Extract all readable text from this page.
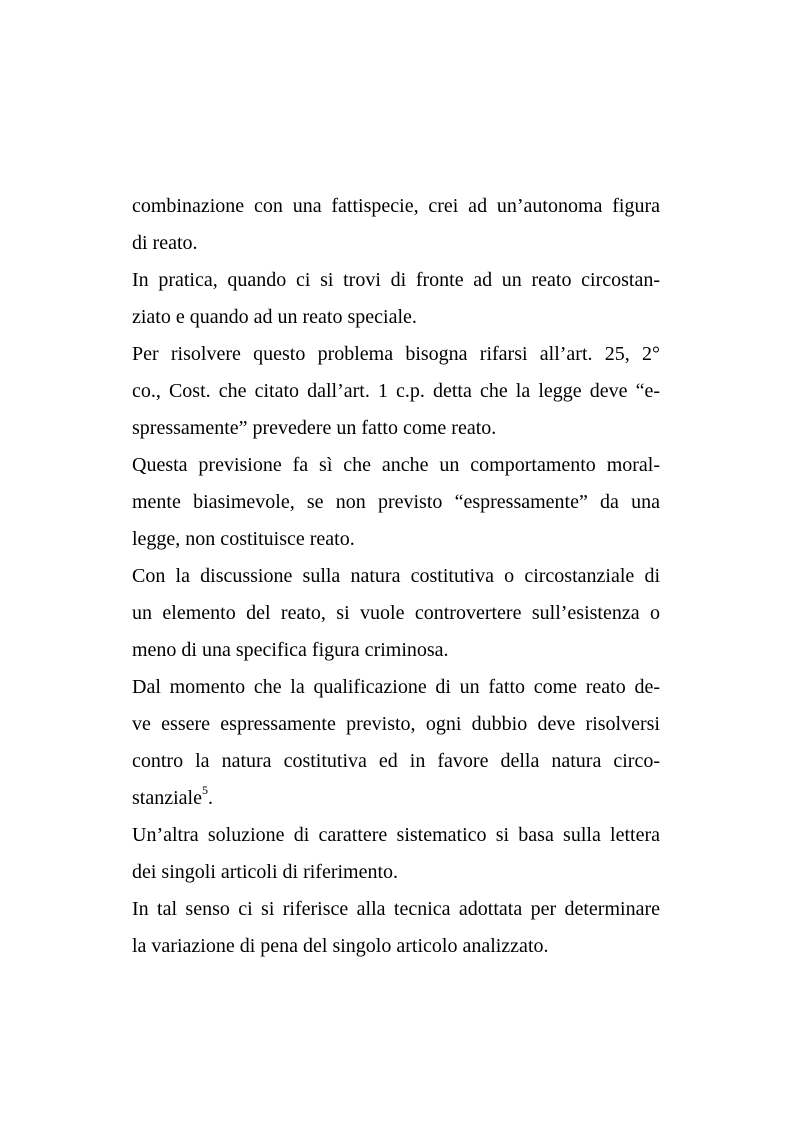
combinazione con una fattispecie, crei ad un’autonoma figura
di reato.
In pratica, quando ci si trovi di fronte ad un reato circostan-
ziato e quando ad un reato speciale.
Per risolvere questo problema bisogna rifarsi all’art. 25, 2°
co., Cost. che citato dall’art. 1 c.p. detta che la legge deve “e-
spressamente” prevedere un fatto come reato.
Questa previsione fa sì che anche un comportamento moral-
mente biasimevole, se non previsto “espressamente” da una
legge, non costituisce reato.
Con la discussione sulla natura costitutiva o circostanziale di
un elemento del reato, si vuole controvertere sull’esistenza o
meno di una specifica figura criminosa.
Dal momento che la qualificazione di un fatto come reato de-
ve essere espressamente previsto, ogni dubbio deve risolversi
contro la natura costitutiva ed in favore della natura circo-
stanziale$^5$.
Un’altra soluzione di carattere sistematico si basa sulla lettera
dei singoli articoli di riferimento.
In tal senso ci si riferisce alla tecnica adottata per determinare
la variazione di pena del singolo articolo analizzato.
